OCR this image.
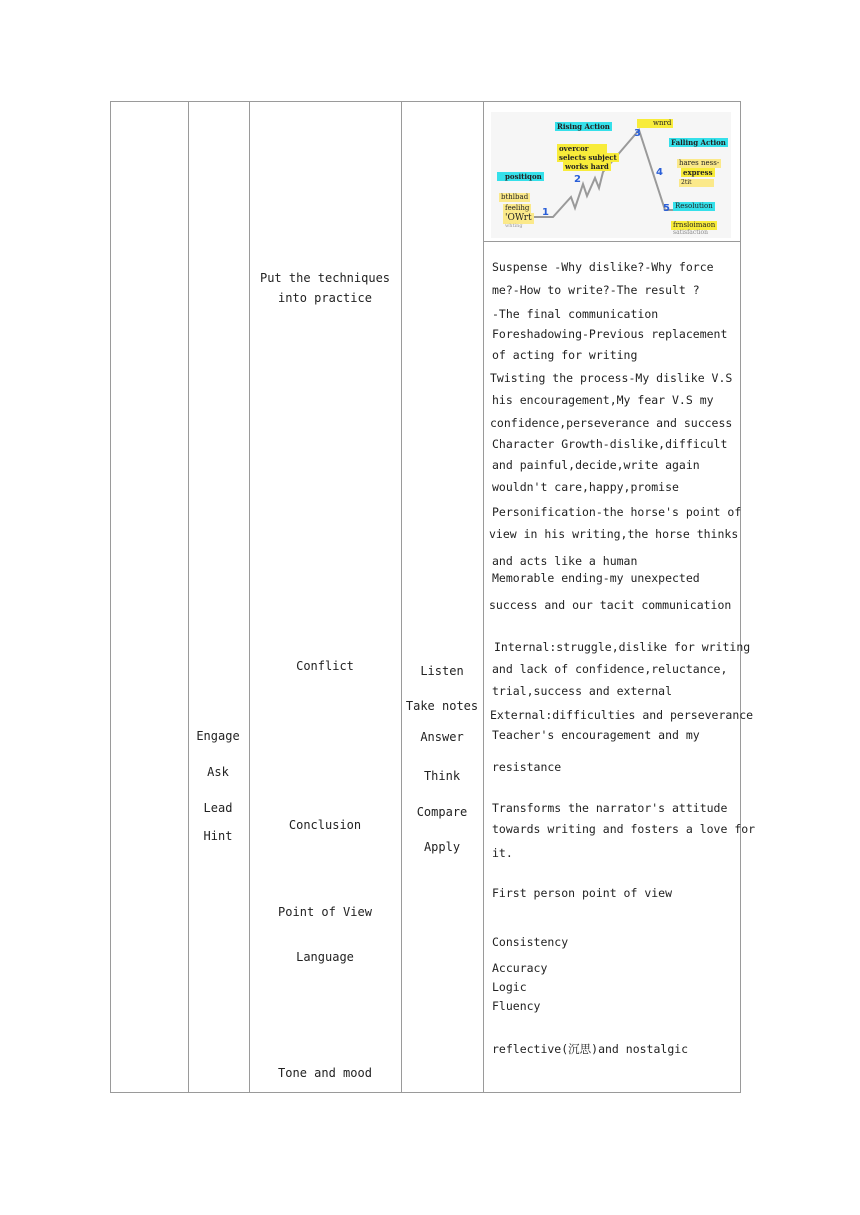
Engage
Ask
Lead
Hint
Put the techniques
into practice
Conflict
Conclusion
Point of View
Language
Tone and mood
Listen
Take notes
Answer
Think
Compare
Apply
Rising Action
Falling Action
wnrd
overcor
selects subject
works hard
positiqon
bthlbad
feelihg
'OWrt
whting
hares ness-
express
2tit
Resolution
frnsloimaon
satisfaction
1
2
3
4
5
Suspense -Why dislike?-Why force
me?-How to write?-The result ?
-The final communication
Foreshadowing-Previous replacement
of acting for writing
Twisting the process-My dislike V.S
his encouragement,My fear V.S my
confidence,perseverance and success
Character Growth-dislike,difficult
and painful,decide,write again
wouldn't care,happy,promise
Personification-the horse's point of
view in his writing,the horse thinks
and acts like a human
Memorable ending-my unexpected
success and our tacit communication
Internal:struggle,dislike for writing
and lack of confidence,reluctance,
trial,success and external
External:difficulties and perseverance
Teacher's encouragement and my
resistance
Transforms the narrator's attitude
towards writing and fosters a love for
it.
First person point of view
Consistency
Accuracy
Logic
Fluency
reflective(沉思)and nostalgic
